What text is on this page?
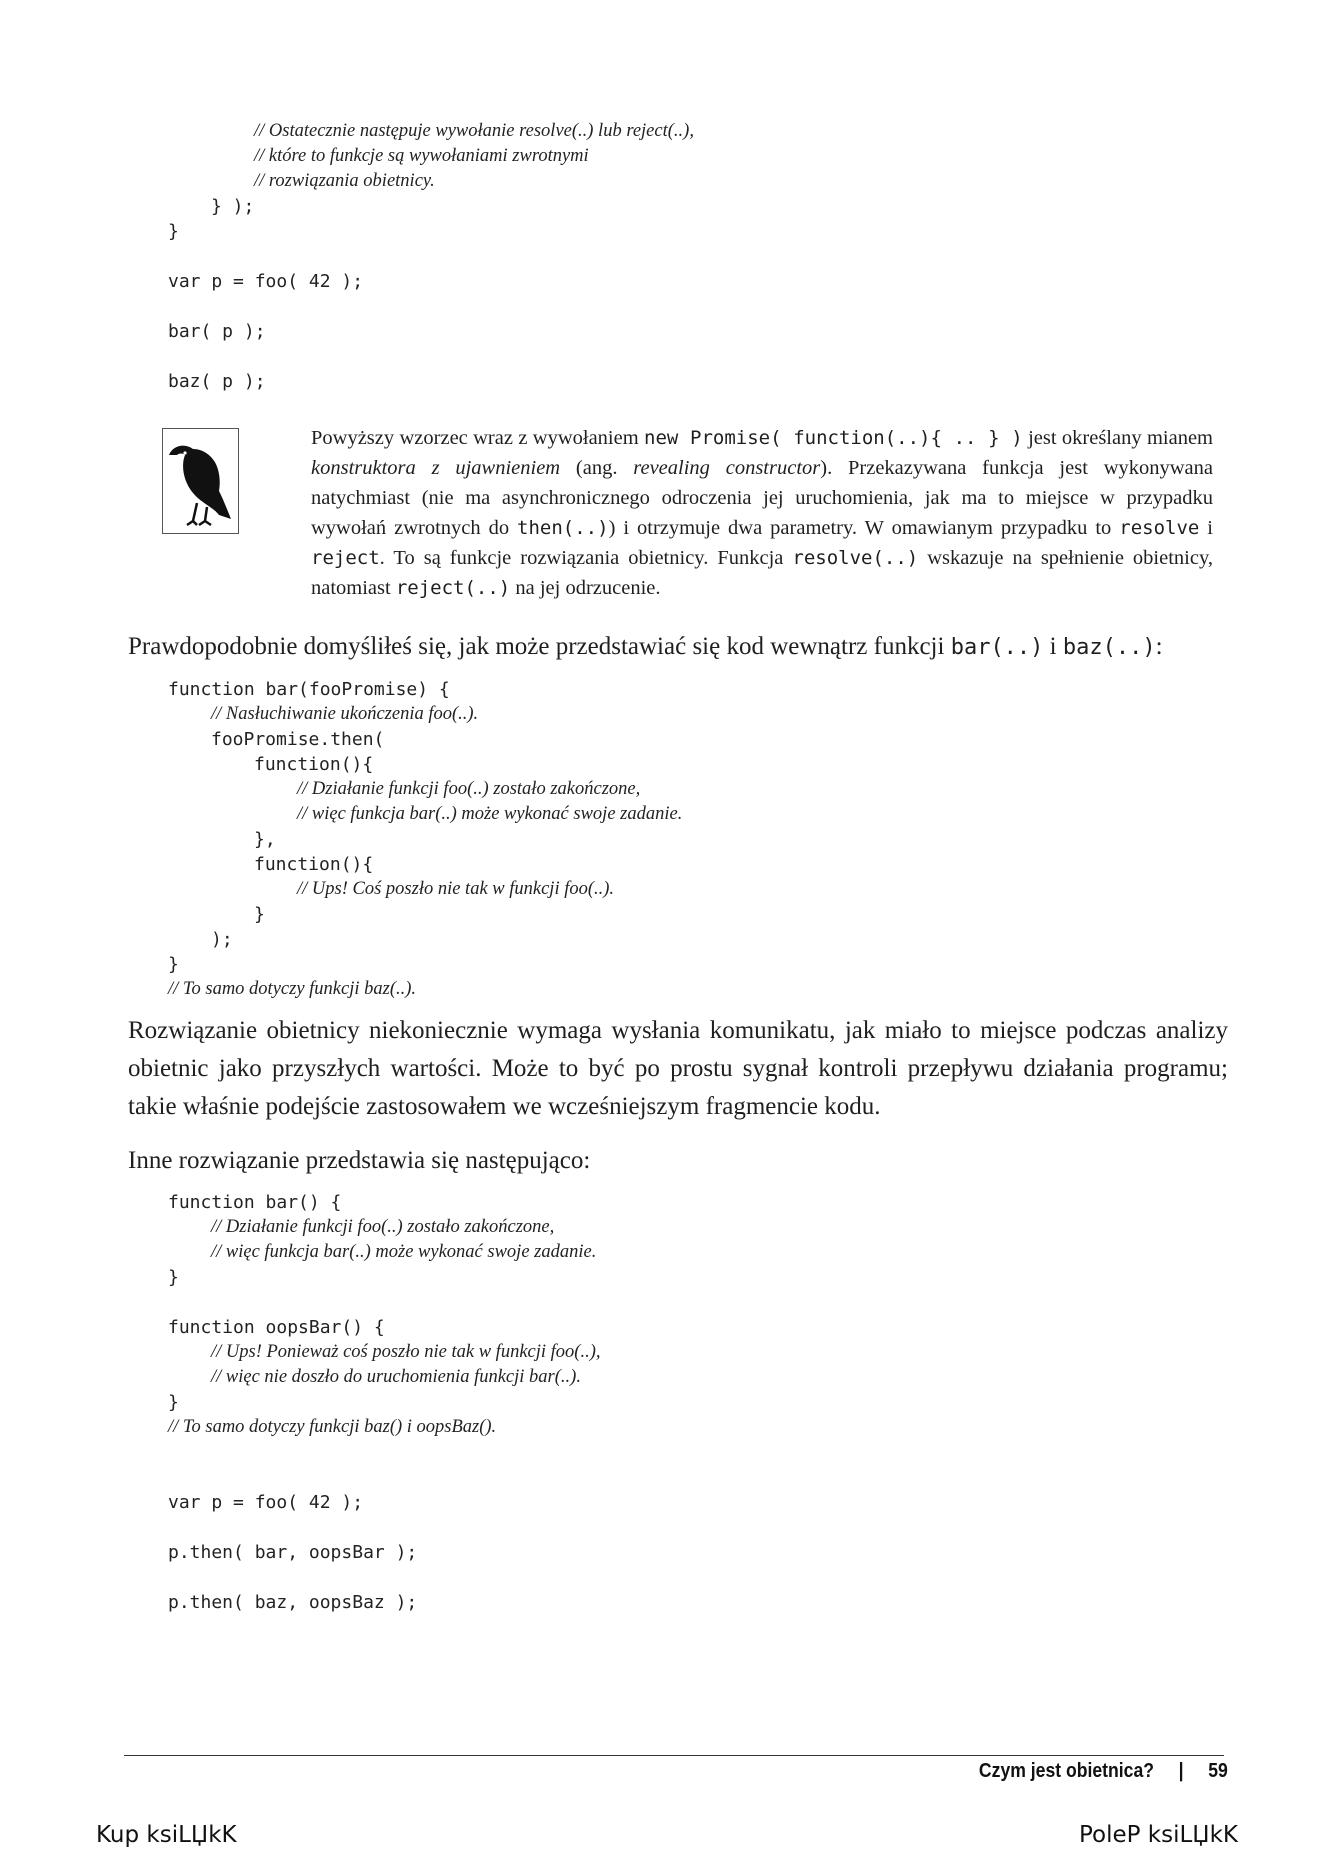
// Ostatecznie następuje wywołanie resolve(..) lub reject(..),
// które to funkcje są wywołaniami zwrotnymi
// rozwiązania obietnicy.
} );
}
var p = foo( 42 );
bar( p );
baz( p );
Powyższy wzorzec wraz z wywołaniem new Promise( function(..){ .. } ) jest określany mianem konstruktora z ujawnieniem (ang. revealing constructor). Przekazywana funkcja jest wykonywana natychmiast (nie ma asynchronicznego odroczenia jej uruchomienia, jak ma to miejsce w przypadku wywołań zwrotnych do then(..)) i otrzymuje dwa parametry. W omawianym przypadku to resolve i reject. To są funkcje rozwiązania obietnicy. Funkcja resolve(..) wskazuje na spełnienie obietnicy, natomiast reject(..) na jej odrzucenie.
Prawdopodobnie domyśliłeś się, jak może przedstawiać się kod wewnątrz funkcji bar(..) i baz(..):
function bar(fooPromise) {
// Nasłuchiwanie ukończenia foo(..).
fooPromise.then(
function(){
// Działanie funkcji foo(..) zostało zakończone,
// więc funkcja bar(..) może wykonać swoje zadanie.
},
function(){
// Ups! Coś poszło nie tak w funkcji foo(..).
}
);
}
// To samo dotyczy funkcji baz(..).
Rozwiązanie obietnicy niekoniecznie wymaga wysłania komunikatu, jak miało to miejsce podczas analizy obietnic jako przyszłych wartości. Może to być po prostu sygnał kontroli przepływu działania programu; takie właśnie podejście zastosowałem we wcześniejszym fragmencie kodu.
Inne rozwiązanie przedstawia się następująco:
function bar() {
// Działanie funkcji foo(..) zostało zakończone,
// więc funkcja bar(..) może wykonać swoje zadanie.
}
function oopsBar() {
// Ups! Ponieważ coś poszło nie tak w funkcji foo(..),
// więc nie doszło do uruchomienia funkcji bar(..).
}
// To samo dotyczy funkcji baz() i oopsBaz().
var p = foo( 42 );
p.then( bar, oopsBar );
p.then( baz, oopsBaz );
Czym jest obietnica? | 59
Kup ksiLЏkK	PoleP ksiLЏkK
